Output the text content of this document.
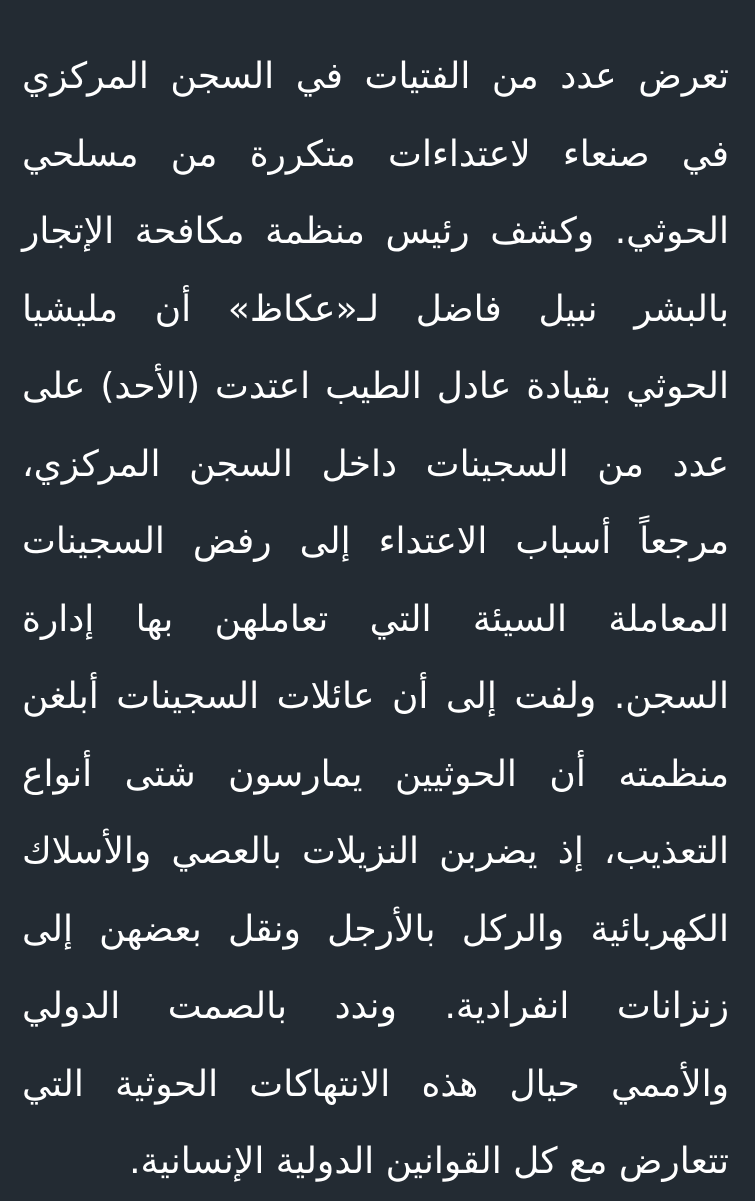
تعرض عدد من الفتيات في السجن المركزي
في صنعاء لاعتداءات متكررة من مسلحي
الحوثي. وكشف رئيس منظمة مكافحة الإتجار
بالبشر نبيل فاضل لـ«عكاظ» أن مليشيا
الحوثي بقيادة عادل الطيب اعتدت (الأحد) على
عدد من السجينات داخل السجن المركزي،
مرجعاً أسباب الاعتداء إلى رفض السجينات
المعاملة السيئة التي تعاملهن بها إدارة
السجن. ولفت إلى أن عائلات السجينات أبلغن
منظمته أن الحوثيين يمارسون شتى أنواع
التعذيب، إذ يضربن النزيلات بالعصي والأسلاك
الكهربائية والركل بالأرجل ونقل بعضهن إلى
زنزانات انفرادية. وندد بالصمت الدولي
والأممي حيال هذه الانتهاكات الحوثية التي
تتعارض مع كل القوانين الدولية الإنسانية.
